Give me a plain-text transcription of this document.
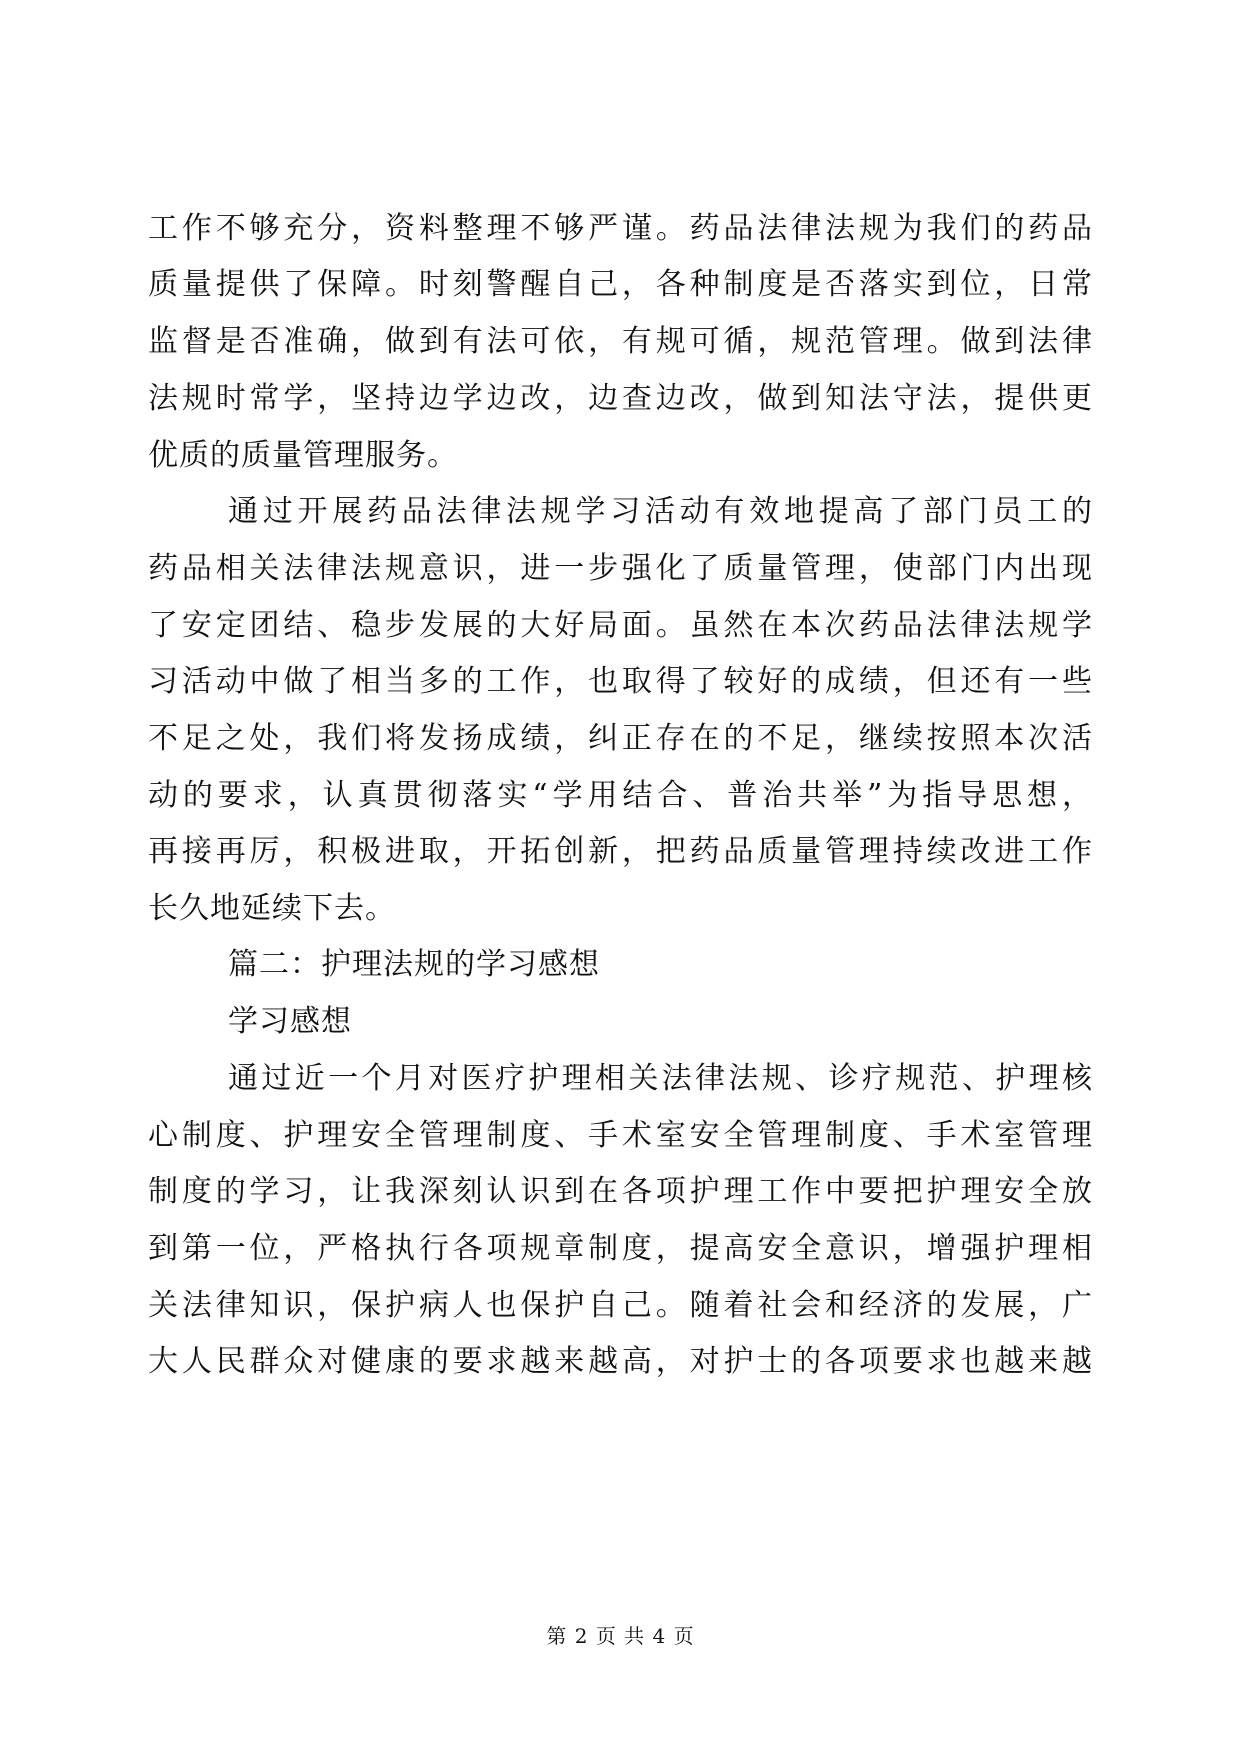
工作不够充分，资料整理不够严谨。药品法律法规为我们的药品
质量提供了保障。时刻警醒自己，各种制度是否落实到位，日常
监督是否准确，做到有法可依，有规可循，规范管理。做到法律
法规时常学，坚持边学边改，边查边改，做到知法守法，提供更
优质的质量管理服务。
通过开展药品法律法规学习活动有效地提高了部门员工的
药品相关法律法规意识，进一步强化了质量管理，使部门内出现
了安定团结、稳步发展的大好局面。虽然在本次药品法律法规学
习活动中做了相当多的工作，也取得了较好的成绩，但还有一些
不足之处，我们将发扬成绩，纠正存在的不足，继续按照本次活
动的要求，认真贯彻落实“学用结合、普治共举”为指导思想，
再接再厉，积极进取，开拓创新，把药品质量管理持续改进工作
长久地延续下去。
篇二：护理法规的学习感想
学习感想
通过近一个月对医疗护理相关法律法规、诊疗规范、护理核
心制度、护理安全管理制度、手术室安全管理制度、手术室管理
制度的学习，让我深刻认识到在各项护理工作中要把护理安全放
到第一位，严格执行各项规章制度，提高安全意识，增强护理相
关法律知识，保护病人也保护自己。随着社会和经济的发展，广
大人民群众对健康的要求越来越高，对护士的各项要求也越来越
第 2 页 共 4 页
